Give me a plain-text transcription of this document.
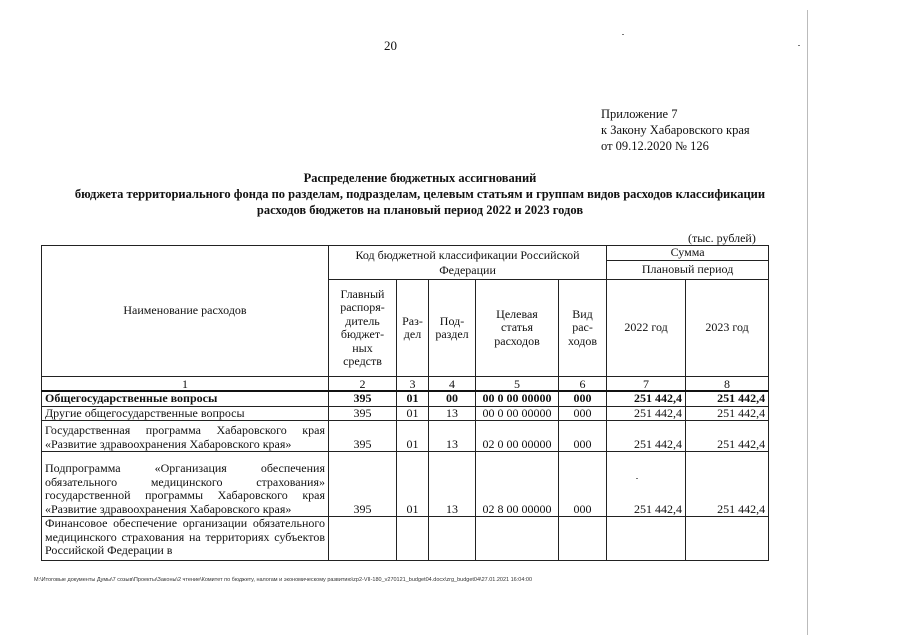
20
Приложение 7
к Закону Хабаровского края
от 09.12.2020 № 126
Распределение бюджетных ассигнований
бюджета территориального фонда по разделам, подразделам, целевым статьям и группам видов расходов классификации
расходов бюджетов на плановый период 2022 и 2023 годов
(тыс. рублей)
Наименование расходов	Код бюджетной классификации Российской Федерации					Сумма	
						Плановый период	
	Главный распоря-дитель бюджет-ных средств	Раз-дел	Под-раздел	Целевая статья расходов	Вид рас-ходов	2022 год	2023 год
1	2	3	4	5	6	7	8
Общегосударственные вопросы	395	01	00	00 0 00 00000	000	251 442,4	251 442,4
Другие общегосударственные вопросы	395	01	13	00 0 00 00000	000	251 442,4	251 442,4
Государственная программа Хабаровского края «Развитие здравоохранения Хабаровского края»	395	01	13	02 0 00 00000	000	251 442,4	251 442,4
Подпрограмма «Организация обеспечения обязательного медицинского страхования» государственной программы Хабаровского края «Развитие здравоохранения Хабаровского края»	395	01	13	02 8 00 00000	000	251 442,4	251 442,4
Финансовое обеспечение организации обязательного медицинского страхования на территориях субъектов Российской Федерации в							
M:\Итоговые документы Думы\7 созыв\Проекты\Законы\2 чтение\Комитет по бюджету, налогам и экономическому развитию\zp2-VII-180_v270121_budget04.docx\zrg_budget04\27.01.2021 16:04:00
